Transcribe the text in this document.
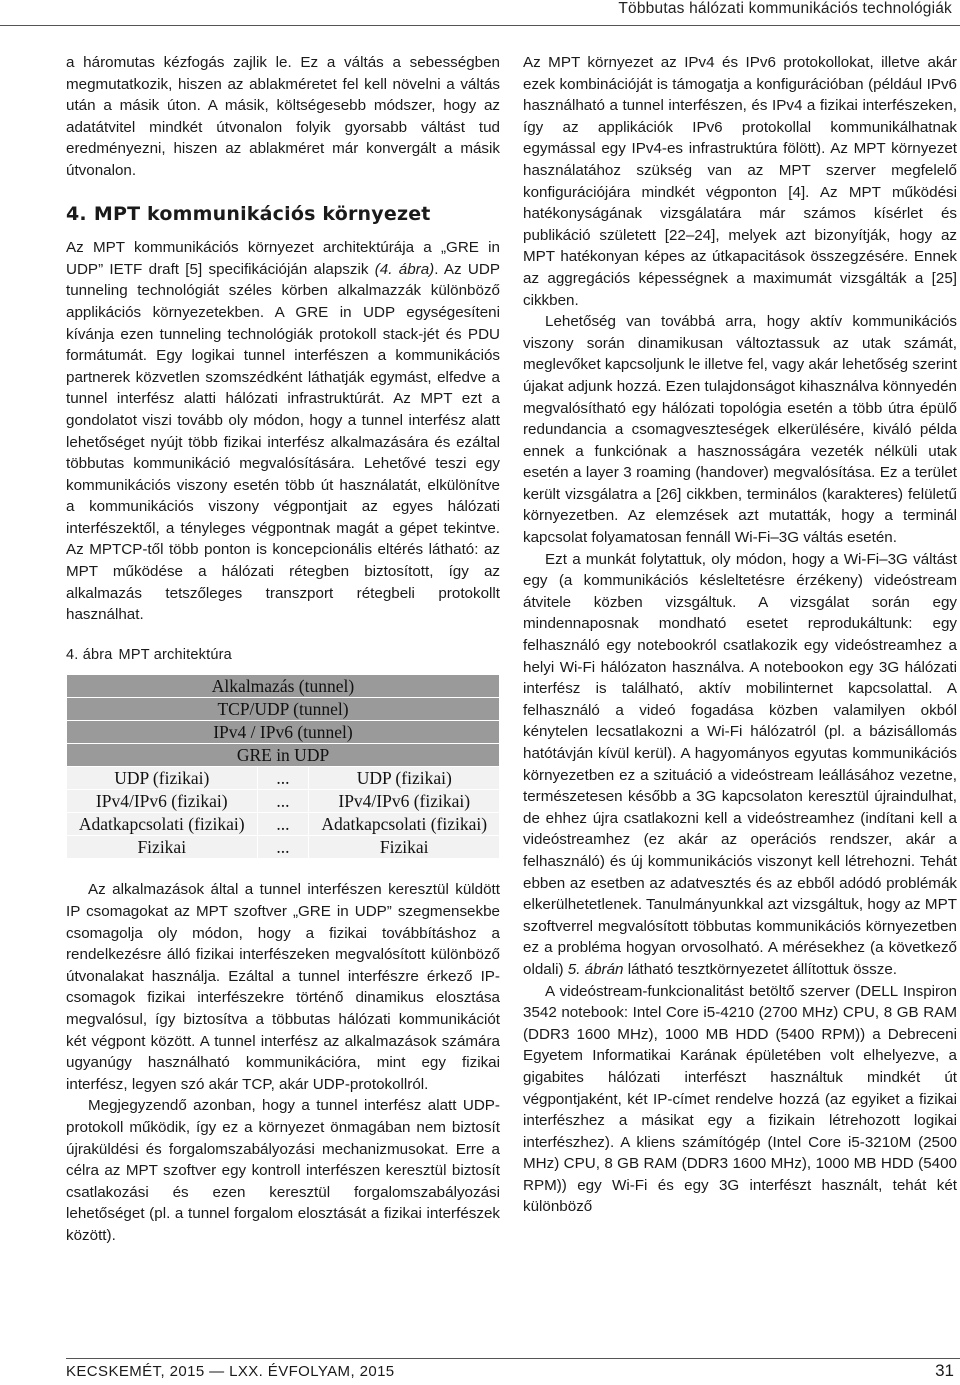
Többutas hálózati kommunikációs technológiák

a háromutas kézfogás zajlik le. Ez a váltás a sebességben megmutatkozik, hiszen az ablakméretet fel kell növelni a váltás után a másik úton. A másik, költségesebb módszer, hogy az adatátvitel mindkét útvonalon folyik gyorsabb váltást tud eredményezni, hiszen az ablakméret már konvergált a másik útvonalon.

4. MPT kommunikációs környezet

Az MPT kommunikációs környezet architektúrája a „GRE in UDP” IETF draft [5] specifikációján alapszik (4. ábra). Az UDP tunneling technológiát széles körben alkalmazzák különböző applikációs környezetekben. A GRE in UDP egységesíteni kívánja ezen tunneling technológiák protokoll stack-jét és PDU formátumát. Egy logikai tunnel interfészen a kommunikációs partnerek közvetlen szomszédként láthatják egymást, elfedve a tunnel interfész alatti hálózati infrastruktúrát. Az MPT ezt a gondolatot viszi tovább oly módon, hogy a tunnel interfész alatt lehetőséget nyújt több fizikai interfész alkalmazására és ezáltal többutas kommunikáció megvalósítására. Lehetővé teszi egy kommunikációs viszony esetén több út használatát, elkülönítve a kommunikációs viszony végpontjait az egyes hálózati interfészektől, a tényleges végpontnak magát a gépet tekintve. Az MPTCP-től több ponton is koncepcionális eltérés látható: az MPT működése a hálózati rétegben biztosított, így az alkalmazás tetszőleges transzport rétegbeli protokollt használhat.

4. ábra MPT architektúra
Alkalmazás (tunnel)		
TCP/UDP (tunnel)		
IPv4 / IPv6 (tunnel)		
GRE in UDP		
UDP (fizikai)	...	UDP (fizikai)
IPv4/IPv6 (fizikai)	...	IPv4/IPv6 (fizikai)
Adatkapcsolati (fizikai)	...	Adatkapcsolati (fizikai)
Fizikai	...	Fizikai

Az alkalmazások által a tunnel interfészen keresztül küldött IP csomagokat az MPT szoftver „GRE in UDP” szegmensekbe csomagolja oly módon, hogy a fizikai továbbításhoz a rendelkezésre álló fizikai interfészeken megvalósított különböző útvonalakat használja. Ezáltal a tunnel interfészre érkező IP-csomagok fizikai interfészekre történő dinamikus elosztása megvalósul, így biztosítva a többutas hálózati kommunikációt két végpont között. A tunnel interfész az alkalmazások számára ugyanúgy használható kommunikációra, mint egy fizikai interfész, legyen szó akár TCP, akár UDP-protokollról.

Megjegyzendő azonban, hogy a tunnel interfész alatt UDP-protokoll működik, így ez a környezet önmagában nem biztosít újraküldési és forgalomszabályozási mechanizmusokat. Erre a célra az MPT szoftver egy kontroll interfészen keresztül biztosít csatlakozási és ezen keresztül forgalomszabályozási lehetőséget (pl. a tunnel forgalom elosztását a fizikai interfészek között).

Az MPT környezet az IPv4 és IPv6 protokollokat, illetve akár ezek kombinációját is támogatja a konfigurációban (például IPv6 használható a tunnel interfészen, és IPv4 a fizikai interfészeken, így az applikációk IPv6 protokollal kommunikálhatnak egymással egy IPv4-es infrastruktúra fölött). Az MPT környezet használatához szükség van az MPT szerver megfelelő konfigurációjára mindkét végponton [4]. Az MPT működési hatékonyságának vizsgálatára már számos kísérlet és publikáció született [22–24], melyek azt bizonyítják, hogy az MPT hatékonyan képes az útkapacitások összegzésére. Ennek az aggregációs képességnek a maximumát vizsgálták a [25] cikkben.

Lehetőség van továbbá arra, hogy aktív kommunikációs viszony során dinamikusan változtassuk az utak számát, meglevőket kapcsoljunk le illetve fel, vagy akár lehetőség szerint újakat adjunk hozzá. Ezen tulajdonságot kihasználva könnyedén megvalósítható egy hálózati topológia esetén a több útra épülő redundancia a csomagveszteségek elkerülésére, kiváló példa ennek a funkciónak a hasznosságára vezeték nélküli utak esetén a layer 3 roaming (handover) megvalósítása. Ez a terület került vizsgálatra a [26] cikkben, terminálos (karakteres) felületű környezetben. Az elemzések azt mutatták, hogy a terminál kapcsolat folyamatosan fennáll Wi-Fi–3G váltás esetén.

Ezt a munkát folytattuk, oly módon, hogy a Wi-Fi–3G váltást egy (a kommunikációs késleltetésre érzékeny) videóstream átvitele közben vizsgáltuk. A vizsgálat során egy mindennaposnak mondható esetet reprodukáltunk: egy felhasználó egy notebookról csatlakozik egy videóstreamhez a helyi Wi-Fi hálózaton használva. A notebookon egy 3G hálózati interfész is található, aktív mobilinternet kapcsolattal. A felhasználó a videó fogadása közben valamilyen okból kénytelen lecsatlakozni a Wi-Fi hálózatról (pl. a bázisállomás hatótávján kívül kerül). A hagyományos egyutas kommunikációs környezetben ez a szituáció a videóstream leállásához vezetne, természetesen később a 3G kapcsolaton keresztül újraindulhat, de ehhez újra csatlakozni kell a videóstreamhez (indítani kell a videóstreamhez (ez akár az operációs rendszer, akár a felhasználó) és új kommunikációs viszonyt kell létrehozni. Tehát ebben az esetben az adatvesztés és az ebből adódó problémák elkerülhetetlenek. Tanulmányunkkal azt vizsgáltuk, hogy az MPT szoftverrel megvalósított többutas kommunikációs környezetben ez a probléma hogyan orvosolható. A mérésekhez (a következő oldali) 5. ábrán látható tesztkörnyezetet állítottuk össze.

A videóstream-funkcionalitást betöltő szerver (DELL Inspiron 3542 notebook: Intel Core i5-4210 (2700 MHz) CPU, 8 GB RAM (DDR3 1600 MHz), 1000 MB HDD (5400 RPM)) a Debreceni Egyetem Informatikai Karának épületében volt elhelyezve, a gigabites hálózati interfészt használtuk mindkét út végpontjaként, két IP-címet rendelve hozzá (az egyiket a fizikai interfészhez a másikat egy a fizikain létrehozott logikai interfészhez). A kliens számítógép (Intel Core i5-3210M (2500 MHz) CPU, 8 GB RAM (DDR3 1600 MHz), 1000 MB HDD (5400 RPM)) egy Wi-Fi és egy 3G interfészt használt, tehát két különböző

KECSKEMÉT, 2015 — LXX. ÉVFOLYAM, 2015	31
